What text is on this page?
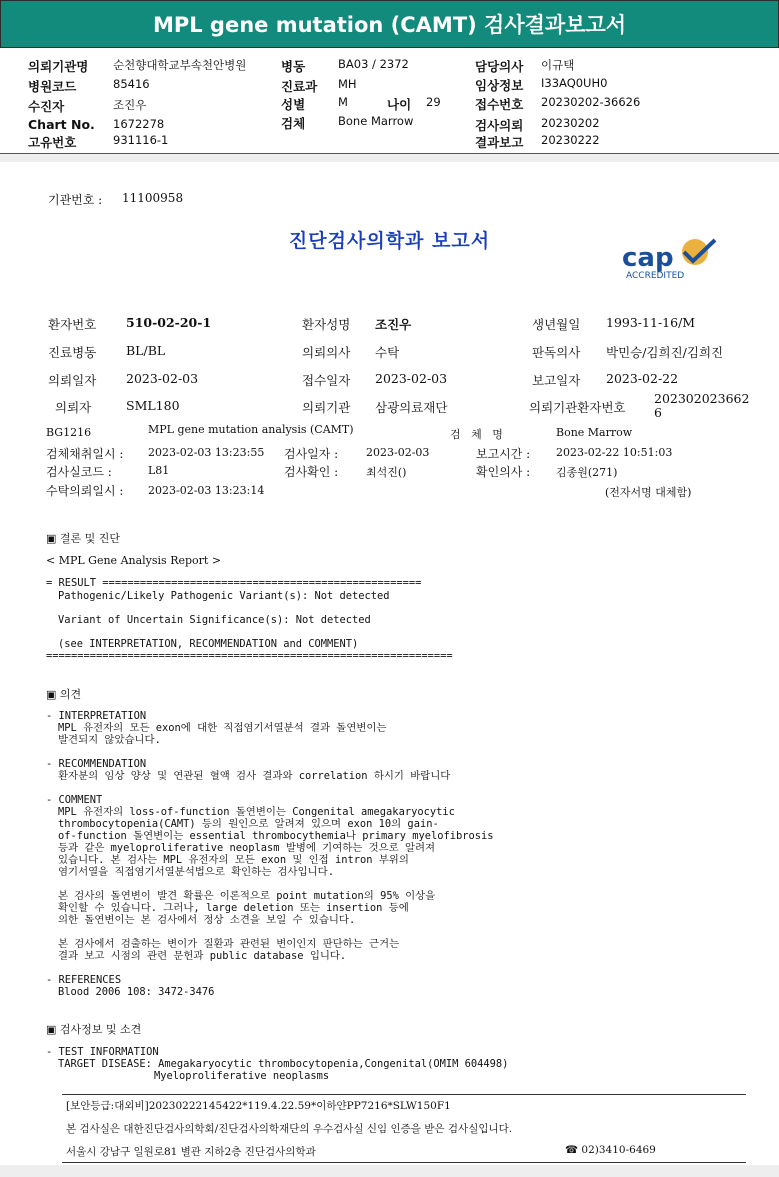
MPL gene mutation (CAMT) 검사결과보고서
의뢰기관명 순천향대학교부속천안병원
병원코드	85416
수진자	조진우
Chart No. 1672278
고유번호	931116-1
병동	BA03 / 2372
진료과 MH
성별	M	나이 29
검체	Bone Marrow
담당의사 이규택
임상정보 I33AQ0UH0
접수번호 20230202-36626
검사의뢰 20230202
결과보고 20230222
기관번호 : 11100958
진단검사의학과 보고서
cap
ACCREDITED
환자번호 510-02-20-1	환자성명 조진우	생년월일 1993-11-16/M
진료병동 BL/BL	의뢰의사 수탁	판독의사 박민승/김희진/김희진
의뢰일자 2023-02-03	접수일자 2023-02-03	보고일자 2023-02-22
의뢰자	SML180	의뢰기관 삼광의료재단	의뢰기관환자번호
202302023662
6
BG1216	MPL gene mutation analysis (CAMT)	검   체   명	Bone Marrow
검체채취일시 : 2023-02-03 13:23:55 검사일자 :	2023-02-03	보고시간 : 2023-02-22 10:51:03
검사실코드 :	L81	검사확인 :	최석진()	확인의사 : 김종원(271)
수탁의뢰일시 : 2023-02-03 13:23:14	(전자서명 대체함)
▣ 결론 및 진단
< MPL Gene Analysis Report >
= RESULT ===================================================
Pathogenic/Likely Pathogenic Variant(s): Not detected
Variant of Uncertain Significance(s): Not detected
(see INTERPRETATION, RECOMMENDATION and COMMENT)
=================================================================
▣ 의견
- INTERPRETATION
MPL 유전자의 모든 exon에 대한 직접염기서열분석 결과 돌연변이는
발견되지 않았습니다.
- RECOMMENDATION
환자분의 임상 양상 및 연관된 혈액 검사 결과와 correlation 하시기 바랍니다
- COMMENT
MPL 유전자의 loss-of-function 돌연변이는 Congenital amegakaryocytic
thrombocytopenia(CAMT) 등의 원인으로 알려져 있으며 exon 10의 gain-
of-function 돌연변이는 essential thrombocythemia나 primary myelofibrosis
등과 같은 myeloproliferative neoplasm 발병에 기여하는 것으로 알려져
있습니다. 본 검사는 MPL 유전자의 모든 exon 및 인접 intron 부위의
염기서열을 직접염기서열분석법으로 확인하는 검사입니다.
본 검사의 돌연변이 발견 확률은 이론적으로 point mutation의 95% 이상을
확인할 수 있습니다. 그러나, large deletion 또는 insertion 등에
의한 돌연변이는 본 검사에서 정상 소견을 보일 수 있습니다.
본 검사에서 검출하는 변이가 질환과 관련된 변이인지 판단하는 근거는
결과 보고 시점의 관련 문헌과 public database 입니다.
- REFERENCES
Blood 2006 108: 3472-3476
▣ 검사정보 및 소견
- TEST INFORMATION
TARGET DISEASE: Amegakaryocytic thrombocytopenia,Congenital(OMIM 604498)
Myeloproliferative neoplasms
[보안등급:대외비]20230222145422*119.4.22.59*이하얀PP7216*SLW150F1
본 검사실은 대한진단검사의학회/진단검사의학재단의 우수검사실 신임 인증을 받은 검사실입니다.
서울시 강남구 일원로81 별관 지하2층 진단검사의학과	☎ 02)3410-6469
